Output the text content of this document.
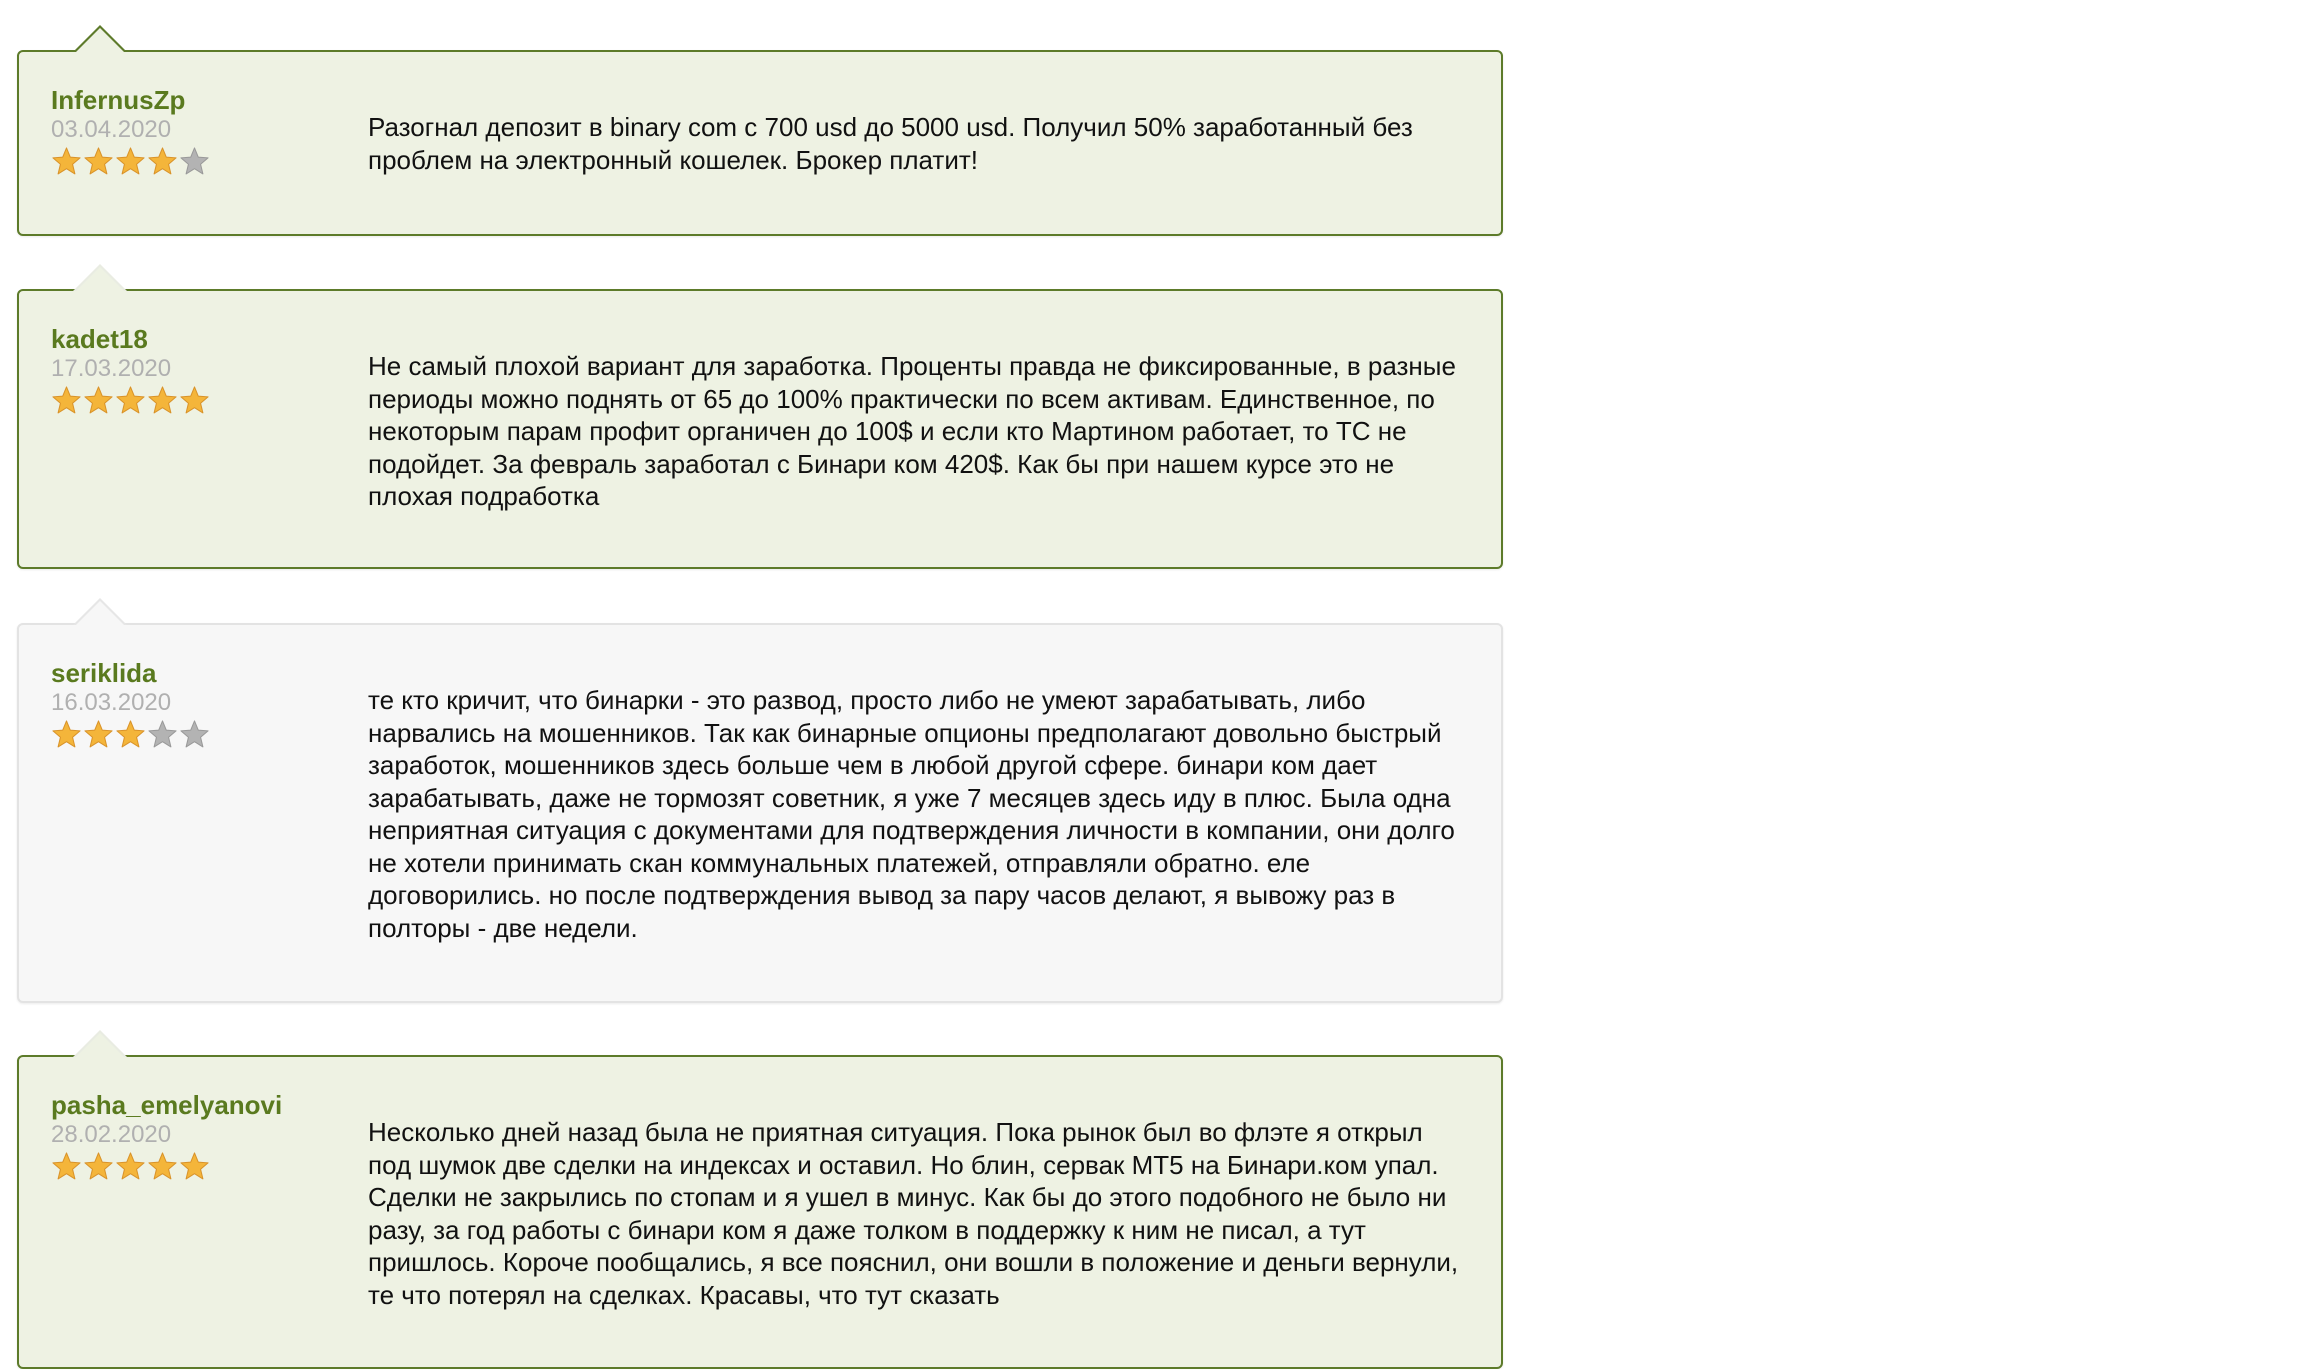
InfernusZp
03.04.2020	Разогнал депозит в binary com с 700 usd до 5000 usd. Получил 50% заработанный без проблем на электронный кошелек. Брокер платит!
kadet18
17.03.2020	Не самый плохой вариант для заработка. Проценты правда не фиксированные, в разные периоды можно поднять от 65 до 100% практически по всем активам. Единственное, по некоторым парам профит органичен до 100$ и если кто Мартином работает, то ТС не подойдет. За февраль заработал с Бинари ком 420$. Как бы при нашем курсе это не плохая подработка
seriklida
16.03.2020	те кто кричит, что бинарки - это развод, просто либо не умеют зарабатывать, либо нарвались на мошенников. Так как бинарные опционы предполагают довольно быстрый заработок, мошенников здесь больше чем в любой другой сфере. бинари ком дает зарабатывать, даже не тормозят советник, я уже 7 месяцев здесь иду в плюс. Была одна неприятная ситуация с документами для подтверждения личности в компании, они долго не хотели принимать скан коммунальных платежей, отправляли обратно. еле договорились. но после подтверждения вывод за пару часов делают, я вывожу раз в полторы - две недели.
pasha_emelyanovi
28.02.2020	Несколько дней назад была не приятная ситуация. Пока рынок был во флэте я открыл под шумок две сделки на индексах и оставил. Но блин, сервак MT5 на Бинари.ком упал. Сделки не закрылись по стопам и я ушел в минус. Как бы до этого подобного не было ни разу, за год работы с бинари ком я даже толком в поддержку к ним не писал, а тут пришлось. Короче пообщались, я все пояснил, они вошли в положение и деньги вернули, те что потерял на сделках. Красавы, что тут сказать
